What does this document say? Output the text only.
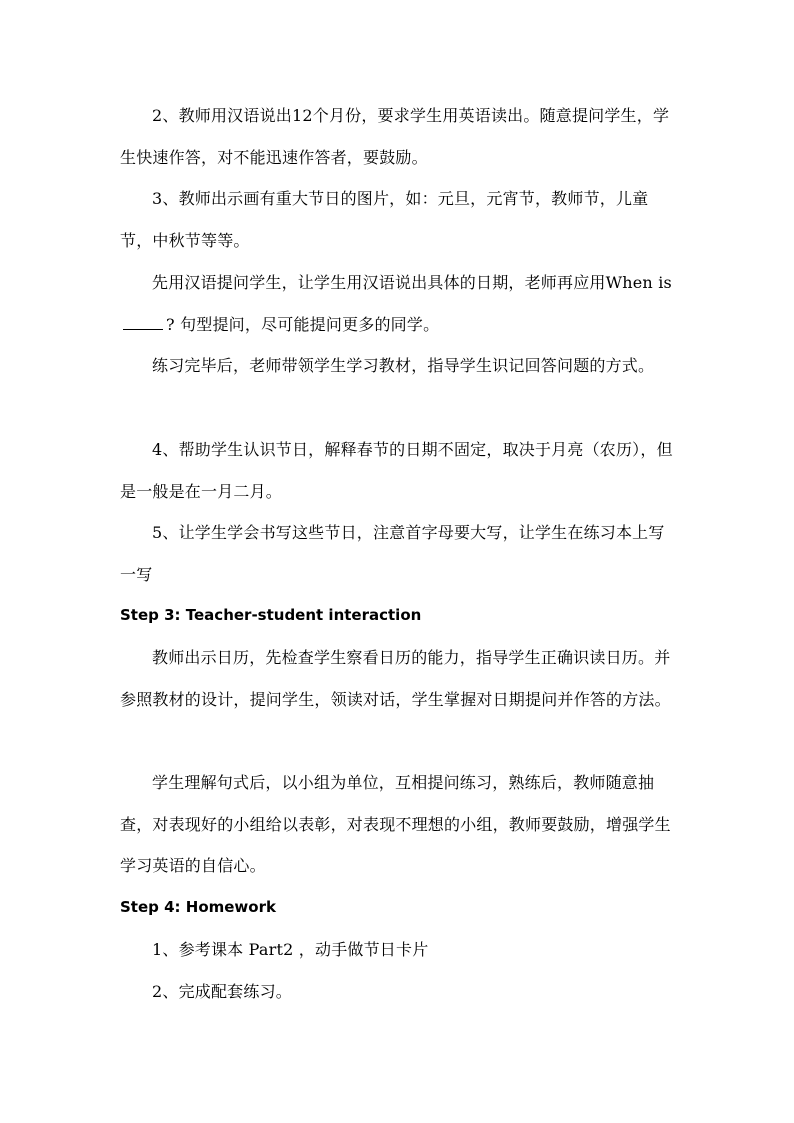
2、教师用汉语说出12个月份，要求学生用英语读出。随意提问学生，学生快速作答，对不能迅速作答者，要鼓励。

3、教师出示画有重大节日的图片，如：元旦，元宵节，教师节，儿童节，中秋节等等。

先用汉语提问学生，让学生用汉语说出具体的日期，老师再应用When is? 句型提问，尽可能提问更多的同学。

练习完毕后，老师带领学生学习教材，指导学生识记回答问题的方式。

4、帮助学生认识节日，解释春节的日期不固定，取决于月亮（农历），但是一般是在一月二月。

5、让学生学会书写这些节日，注意首字母要大写，让学生在练习本上写一写

Step 3: Teacher-student interaction

教师出示日历，先检查学生察看日历的能力，指导学生正确识读日历。并参照教材的设计，提问学生，领读对话，学生掌握对日期提问并作答的方法。

学生理解句式后，以小组为单位，互相提问练习，熟练后，教师随意抽查，对表现好的小组给以表彰，对表现不理想的小组，教师要鼓励，增强学生学习英语的自信心。

Step 4: Homework

1、参考课本 Part2 ，动手做节日卡片

2、完成配套练习。
